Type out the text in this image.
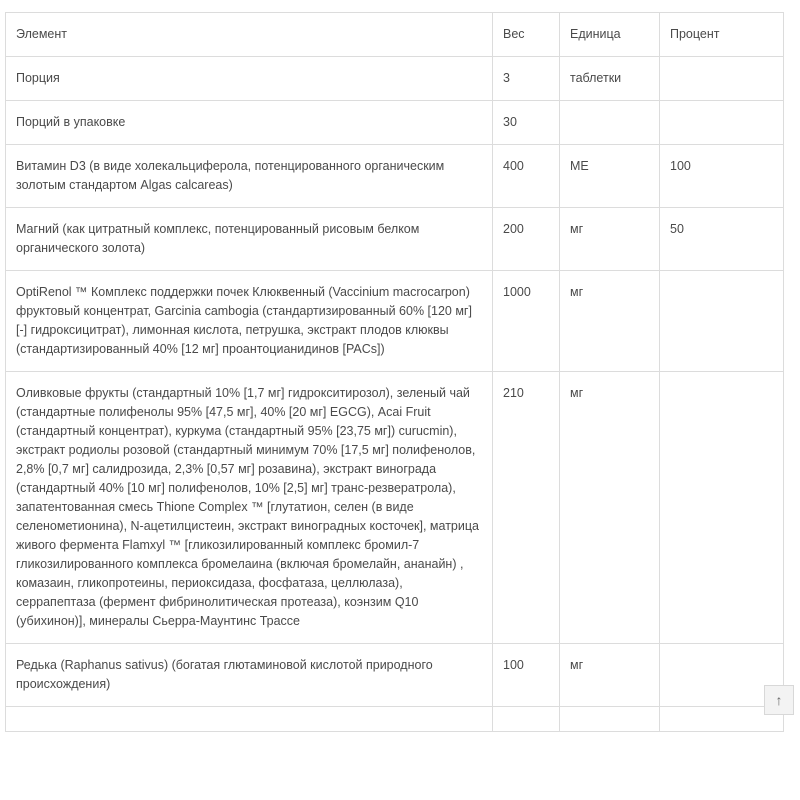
Элемент	Вес	Единица	Процент
Порция	3	таблетки	
Порций в упаковке	30		
Витамин D3 (в виде холекальциферола, потенцированного органическим золотым стандартом Algas calcareas)	400	МЕ	100
Магний (как цитратный комплекс, потенцированный рисовым белком органического золота)	200	мг	50
OptiRenol ™ Комплекс поддержки почек Клюквенный (Vaccinium macrocarpon) фруктовый концентрат, Garcinia cambogia (стандартизированный 60% [120 мг] [-] гидроксицитрат), лимонная кислота, петрушка, экстракт плодов клюквы (стандартизированный 40% [12 мг] проантоцианидинов [PACs])	1000	мг	
Оливковые фрукты (стандартный 10% [1,7 мг] гидрокситирозол), зеленый чай (стандартные полифенолы 95% [47,5 мг], 40% [20 мг] EGCG), Acai Fruit (стандартный концентрат), куркума (стандартный 95% [23,75 мг]) curucmin), экстракт родиолы розовой (стандартный минимум 70% [17,5 мг] полифенолов, 2,8% [0,7 мг] салидрозида, 2,3% [0,57 мг] розавина), экстракт винограда (стандартный 40% [10 мг] полифенолов, 10% [2,5] мг] транс-резвератрола), запатентованная смесь Thione Complex ™ [глутатион, селен (в виде селенометионина), N-ацетилцистеин, экстракт виноградных косточек], матрица живого фермента Flamxyl ™ [гликозилированный комплекс бромил-7 гликозилированного комплекса бромелаина (включая бромелайн, ананайн) , комазаин, гликопротеины, периоксидаза, фосфатаза, целлюлаза), серрапептаза (фермент фибринолитическая протеаза), коэнзим Q10 (убихинон)], минералы Сьерра-Маунтинс Трассе	210	мг	
Редька (Raphanus sativus) (богатая глютаминовой кислотой природного происхождения)	100	мг	

↑
